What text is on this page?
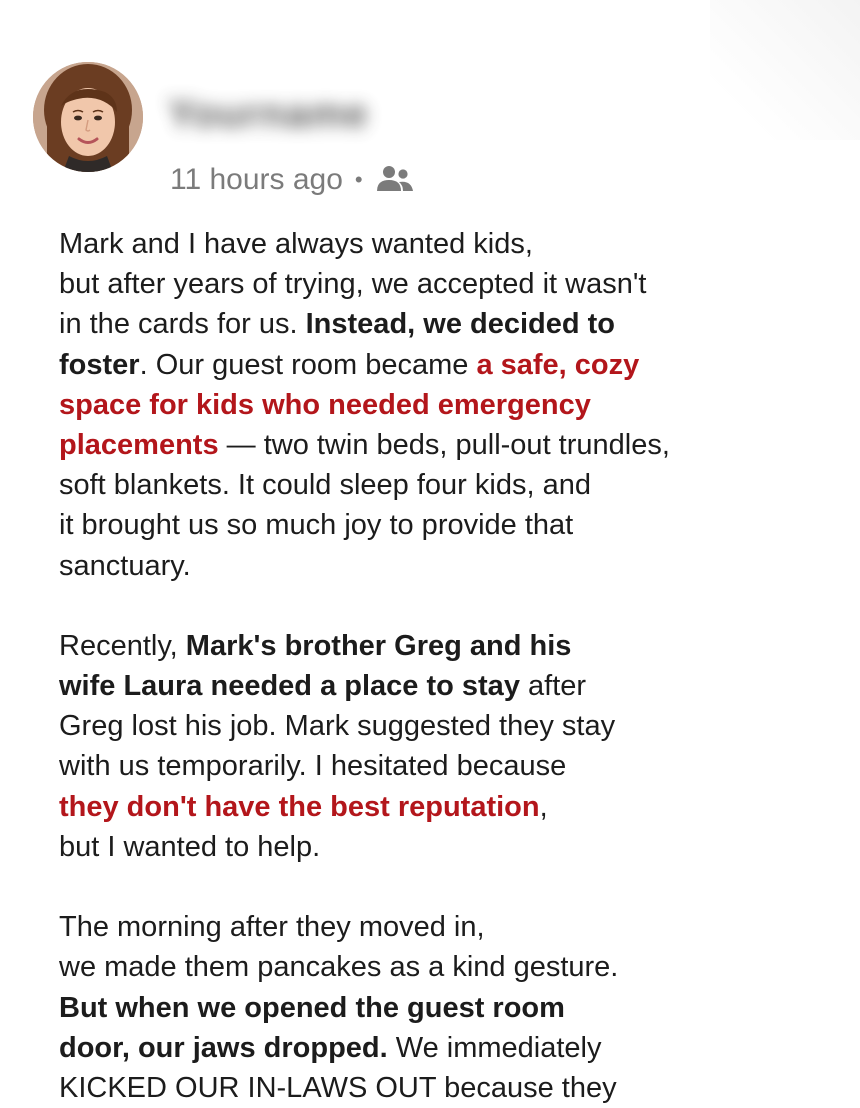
Yourname
11 hours ago •
Mark and I have always wanted kids,
but after years of trying, we accepted it wasn't
in the cards for us. Instead, we decided to
foster. Our guest room became a safe, cozy
space for kids who needed emergency
placements — two twin beds, pull-out trundles,
soft blankets. It could sleep four kids, and
it brought us so much joy to provide that
sanctuary.
Recently, Mark's brother Greg and his
wife Laura needed a place to stay after
Greg lost his job. Mark suggested they stay
with us temporarily. I hesitated because
they don't have the best reputation,
but I wanted to help.
The morning after they moved in,
we made them pancakes as a kind gesture.
But when we opened the guest room
door, our jaws dropped. We immediately
KICKED OUR IN-LAWS OUT because they
